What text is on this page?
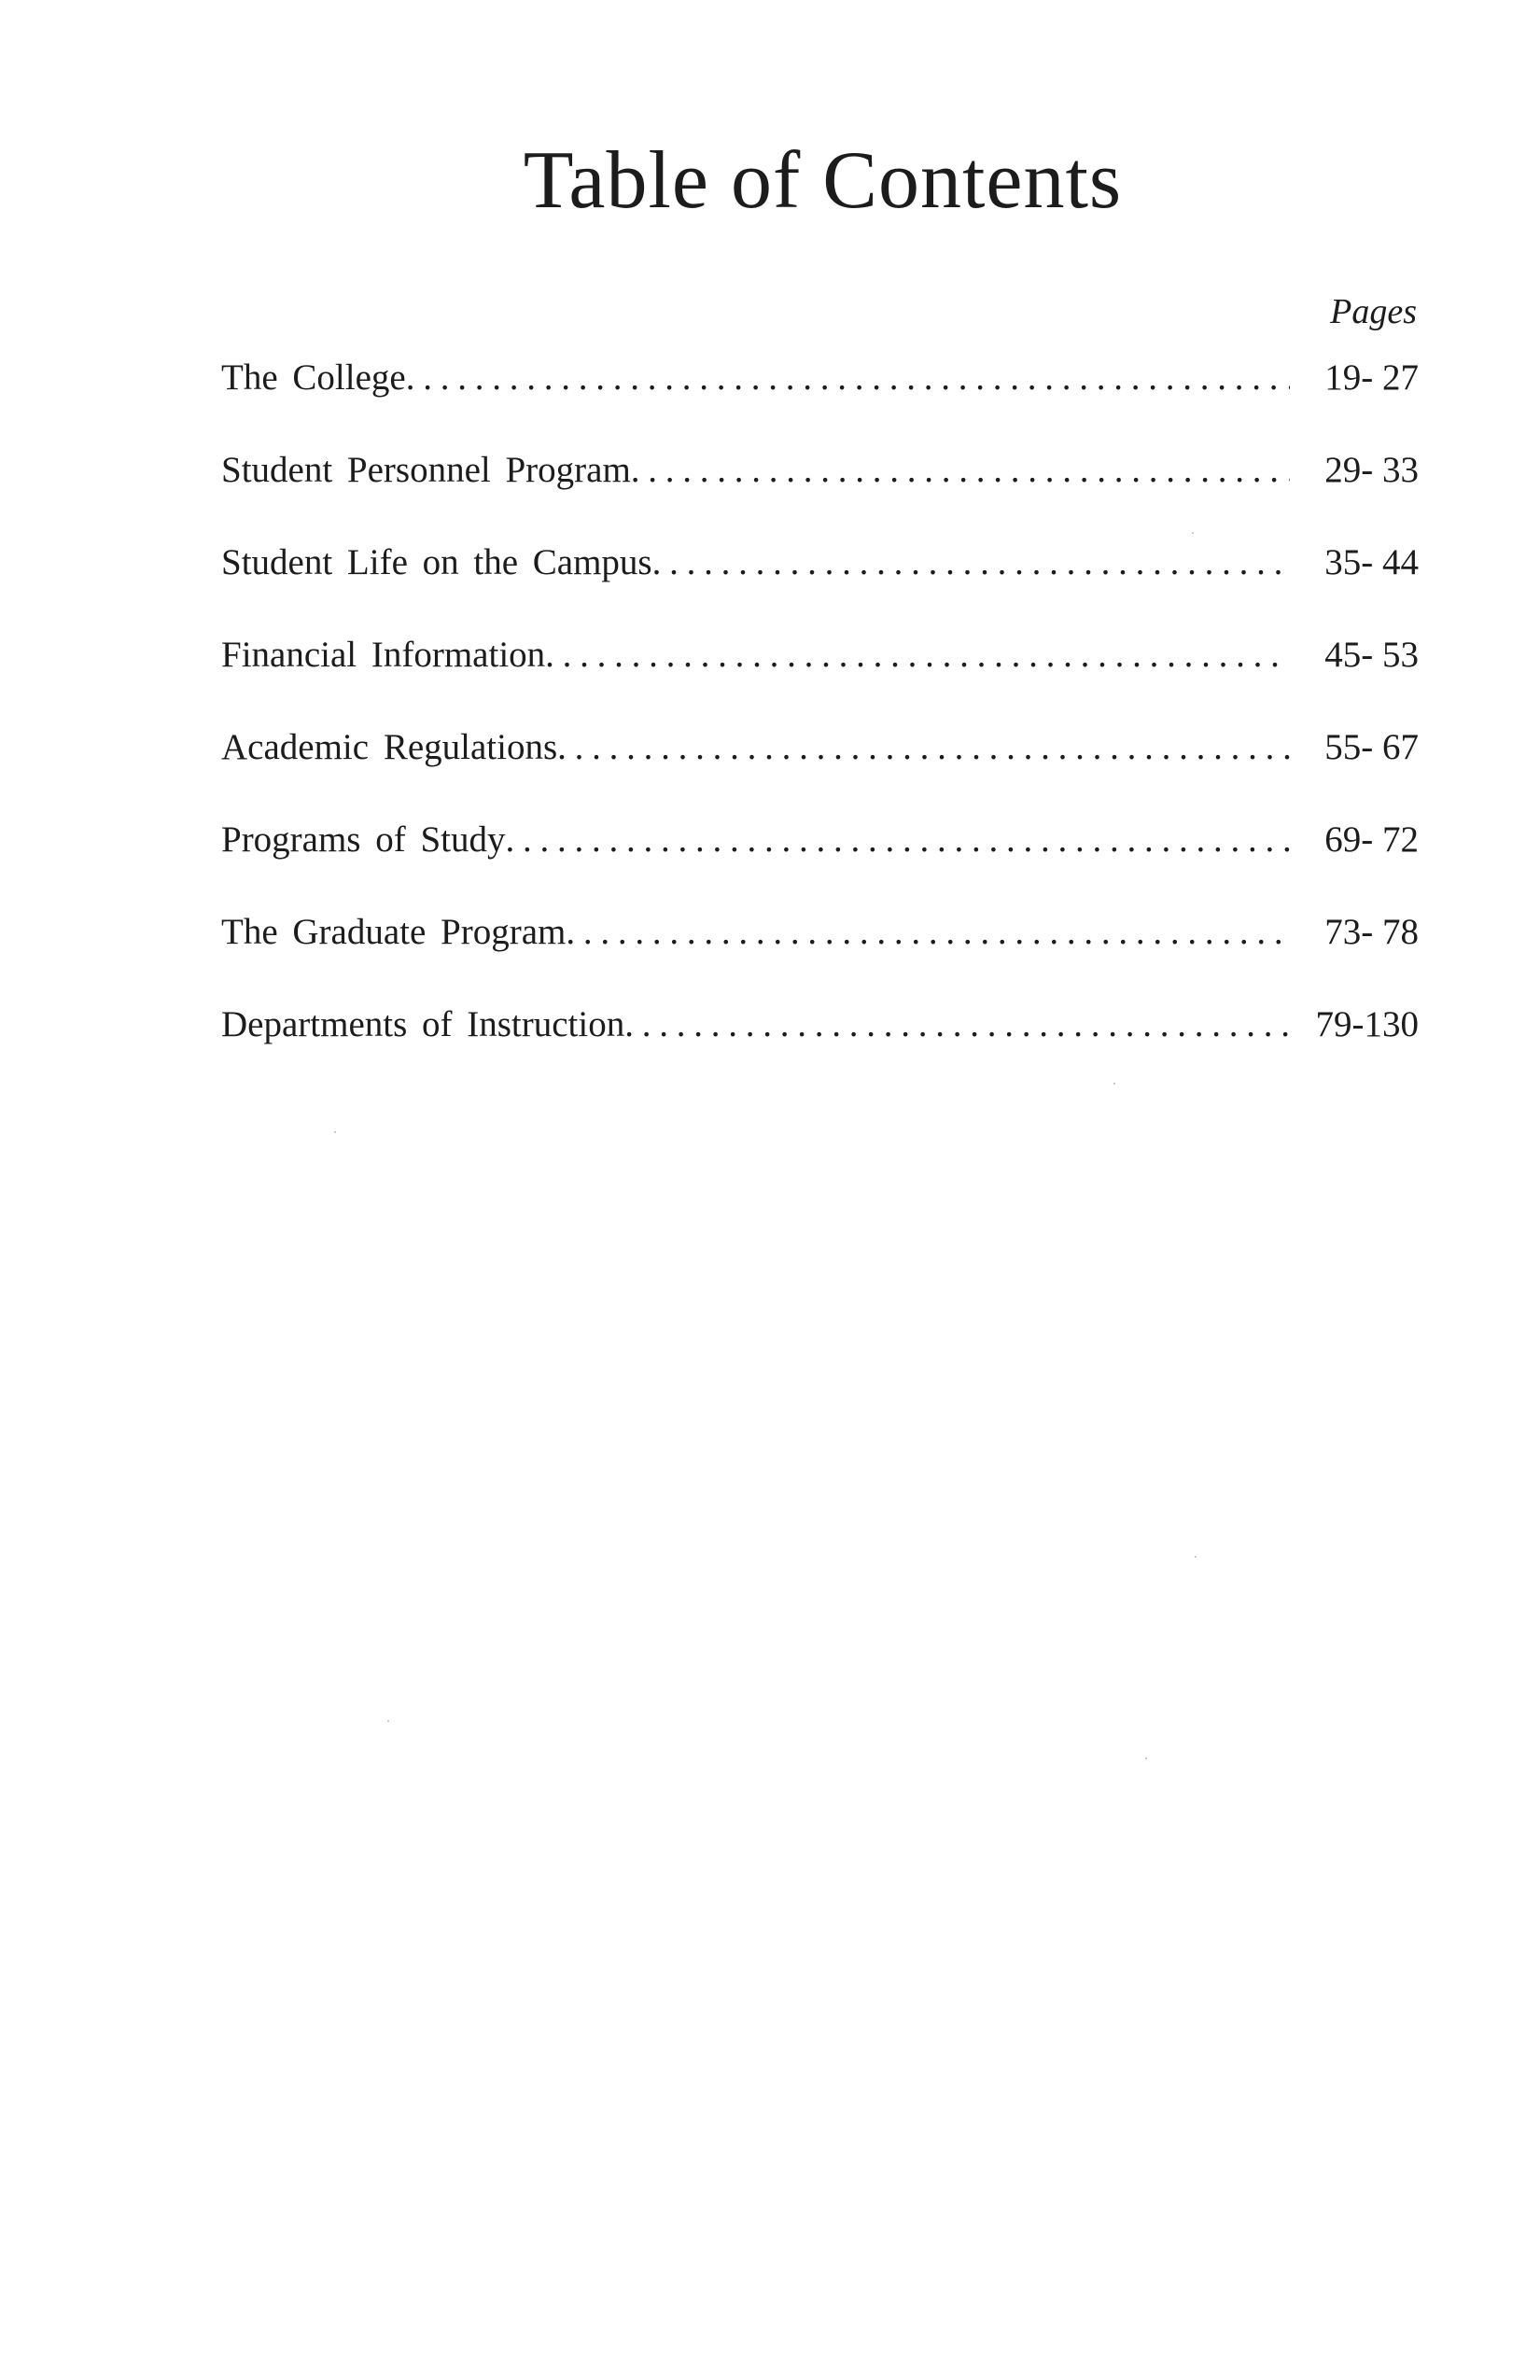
Table of Contents
Pages
The College . . .	19- 27
Student Personnel Program . . .	29- 33
Student Life on the Campus . . .	35- 44
Financial Information . . .	45- 53
Academic Regulations . . .	55- 67
Programs of Study . . .	69- 72
The Graduate Program . . .	73- 78
Departments of Instruction . . .	79-130
